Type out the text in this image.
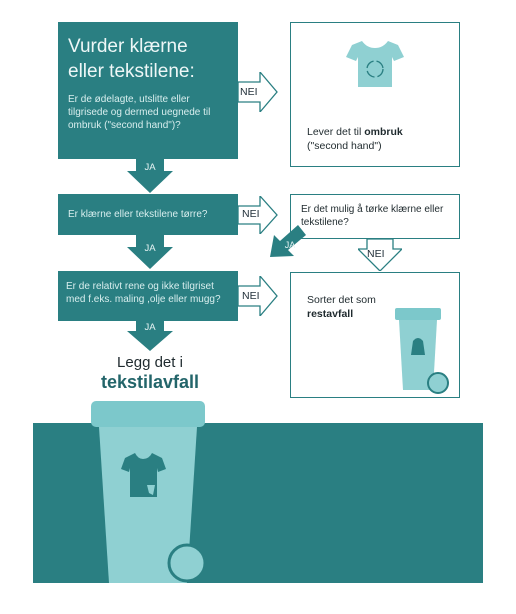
Vurder klærne
eller tekstilene:
Er de ødelagte, utslitte eller tilgrisede og dermed uegnede til ombruk ("second hand")?
JA
NEI
Lever det til ombruk
("second hand")
Er klærne eller tekstilene tørre?
JA
NEI	Er det mulig å tørke klærne eller tekstilene?
JA
NEI
Er de relativt rene og ikke tilgriset med f.eks. maling ,olje eller mugg?
JA
NEI	Sorter det som
restavfall
Legg det i
tekstilavfall
